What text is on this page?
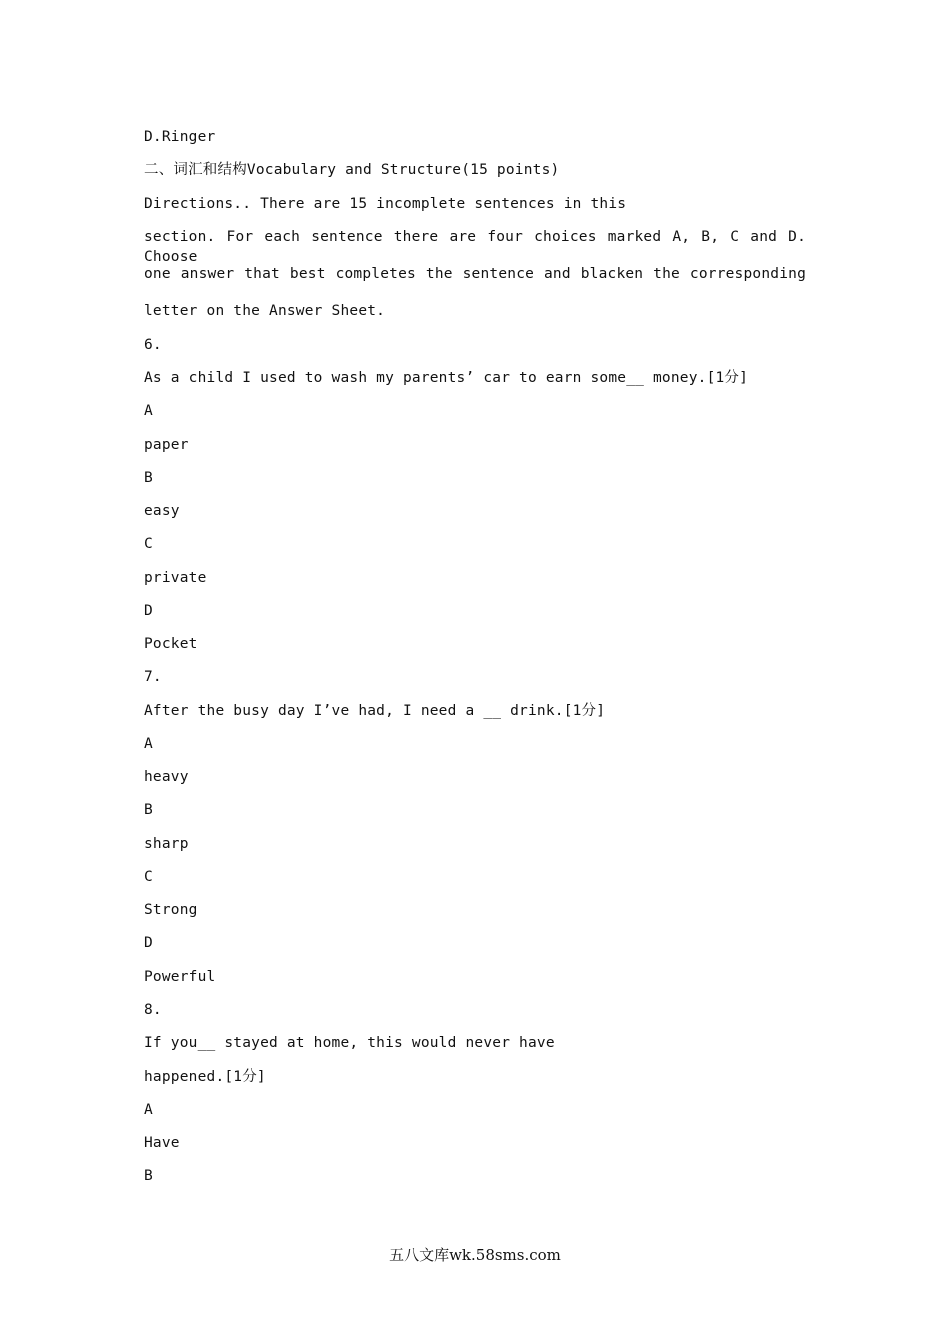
D.Ringer
二、词汇和结构Vocabulary and Structure(15 points)
Directions.. There are 15 incomplete sentences in this
section. For each sentence there are four choices marked A, B, C and D. Choose
one answer that best completes the sentence and blacken the corresponding
letter on the Answer Sheet.
6.
As a child I used to wash my parents’ car to earn some__ money.[1分]
A
paper
B
easy
C
private
D
Pocket
7.
After the busy day I’ve had, I need a __ drink.[1分]
A
heavy
B
sharp
C
Strong
D
Powerful
8.
If you__ stayed at home, this would never have
happened.[1分]
A
Have
B
五八文库wk.58sms.com
